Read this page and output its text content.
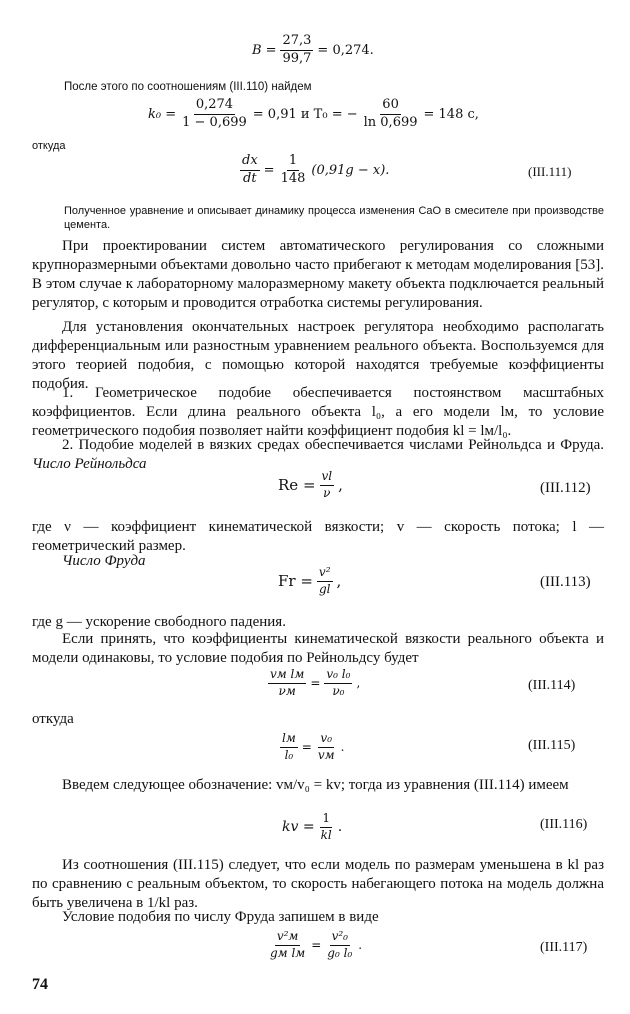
$B = \frac{27,3}{99,7} = 0,274$.
После этого по соотношениям (III.110) найдем
$k_0 = \frac{0,274}{1 - 0,699} = 0,91$ и T₀ = − $\frac{60}{\ln 0,699} = 148$ с,
откуда
$\frac{dx}{dt} = \frac{1}{148} (0,91g - x)$.	(III.111)
Полученное уравнение и описывает динамику процесса изменения CaO в смесителе при производстве цемента.
При проектировании систем автоматического регулирования со сложными крупноразмерными объектами довольно часто прибегают к методам моделирования [53]. В этом случае к лабораторному малоразмерному макету объекта подключается реальный регулятор, с которым и проводится отработка системы регулирования.
Для установления окончательных настроек регулятора необходимо располагать дифференциальным или разностным уравнением реального объекта. Воспользуемся для этого теорией подобия, с помощью которой находятся требуемые коэффициенты подобия.
1. Геометрическое подобие обеспечивается постоянством масштабных коэффициентов. Если длина реального объекта l₀, а его модели lм, то условие геометрического подобия позволяет найти коэффициент подобия kl = lм/l₀.
2. Подобие моделей в вязких средах обеспечивается числами Рейнольдса и Фруда. Число Рейнольдса
$Re = \frac{vl}{\nu}$ ,	(III.112)
где ν — коэффициент кинематической вязкости; v — скорость потока; l — геометрический размер.
Число Фруда
$Fr = \frac{\text{v²}}{gl}$ ,	(III.113)
где g — ускорение свободного падения.
Если принять, что коэффициенты кинематической вязкости реального объекта и модели одинаковы, то условие подобия по Рейнольдсу будет
$\frac{\text{vм lм}}{\nu м} = \frac{\text{v₀ l₀}}{\text{ν₀}}$ ,	(III.114)
откуда
$\frac{lм}{\text{l₀}} = \frac{\text{v₀}}{vм}$ .	(III.115)
Введем следующее обозначение: vм/v₀ = kv; тогда из уравнения (III.114) имеем
kv = $\frac{1}{kl}$ .	(III.116)
Из соотношения (III.115) следует, что если модель по размерам уменьшена в kl раз по сравнению с реальным объектом, то скорость набегающего потока на модель должна быть увеличена в 1/kl раз.
Условие подобия по числу Фруда запишем в виде
$\frac{\text{v²м}}{\text{gм lм}} = \frac{\text{v²₀}}{\text{g₀ l₀}}$ .	(III.117)
74
